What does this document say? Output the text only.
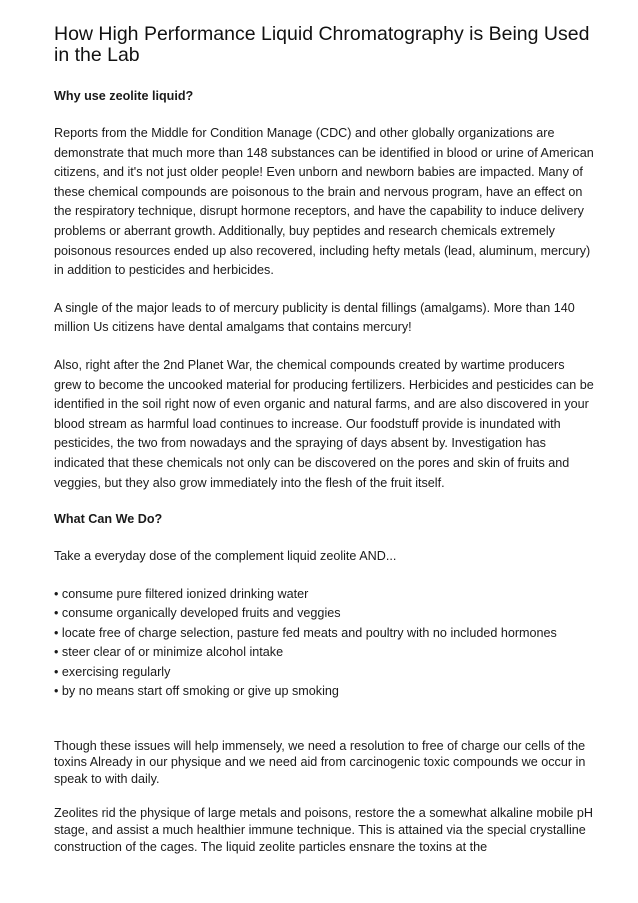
How High Performance Liquid Chromatography is Being Used in the Lab
Why use zeolite liquid?

Reports from the Middle for Condition Manage (CDC) and other globally organizations are demonstrate that much more than 148 substances can be identified in blood or urine of American citizens, and it's not just older people! Even unborn and newborn babies are impacted. Many of these chemical compounds are poisonous to the brain and nervous program, have an effect on the respiratory technique, disrupt hormone receptors, and have the capability to induce delivery problems or aberrant growth. Additionally, buy peptides and research chemicals extremely poisonous resources ended up also recovered, including hefty metals (lead, aluminum, mercury) in addition to pesticides and herbicides.

A single of the major leads to of mercury publicity is dental fillings (amalgams). More than 140 million Us citizens have dental amalgams that contains mercury!

Also, right after the 2nd Planet War, the chemical compounds created by wartime producers grew to become the uncooked material for producing fertilizers. Herbicides and pesticides can be identified in the soil right now of even organic and natural farms, and are also discovered in your blood stream as harmful load continues to increase. Our foodstuff provide is inundated with pesticides, the two from nowadays and the spraying of days absent by. Investigation has indicated that these chemicals not only can be discovered on the pores and skin of fruits and veggies, but they also grow immediately into the flesh of the fruit itself.

What Can We Do?

Take a everyday dose of the complement liquid zeolite AND...

• consume pure filtered ionized drinking water
• consume organically developed fruits and veggies
• locate free of charge selection, pasture fed meats and poultry with no included hormones
• steer clear of or minimize alcohol intake
• exercising regularly
• by no means start off smoking or give up smoking

Though these issues will help immensely, we need a resolution to free of charge our cells of the toxins Already in our physique and we need aid from carcinogenic toxic compounds we occur in speak to with daily.

Zeolites rid the physique of large metals and poisons, restore the a somewhat alkaline mobile pH stage, and assist a much healthier immune technique. This is attained via the special crystalline construction of the cages. The liquid zeolite particles ensnare the toxins at the
